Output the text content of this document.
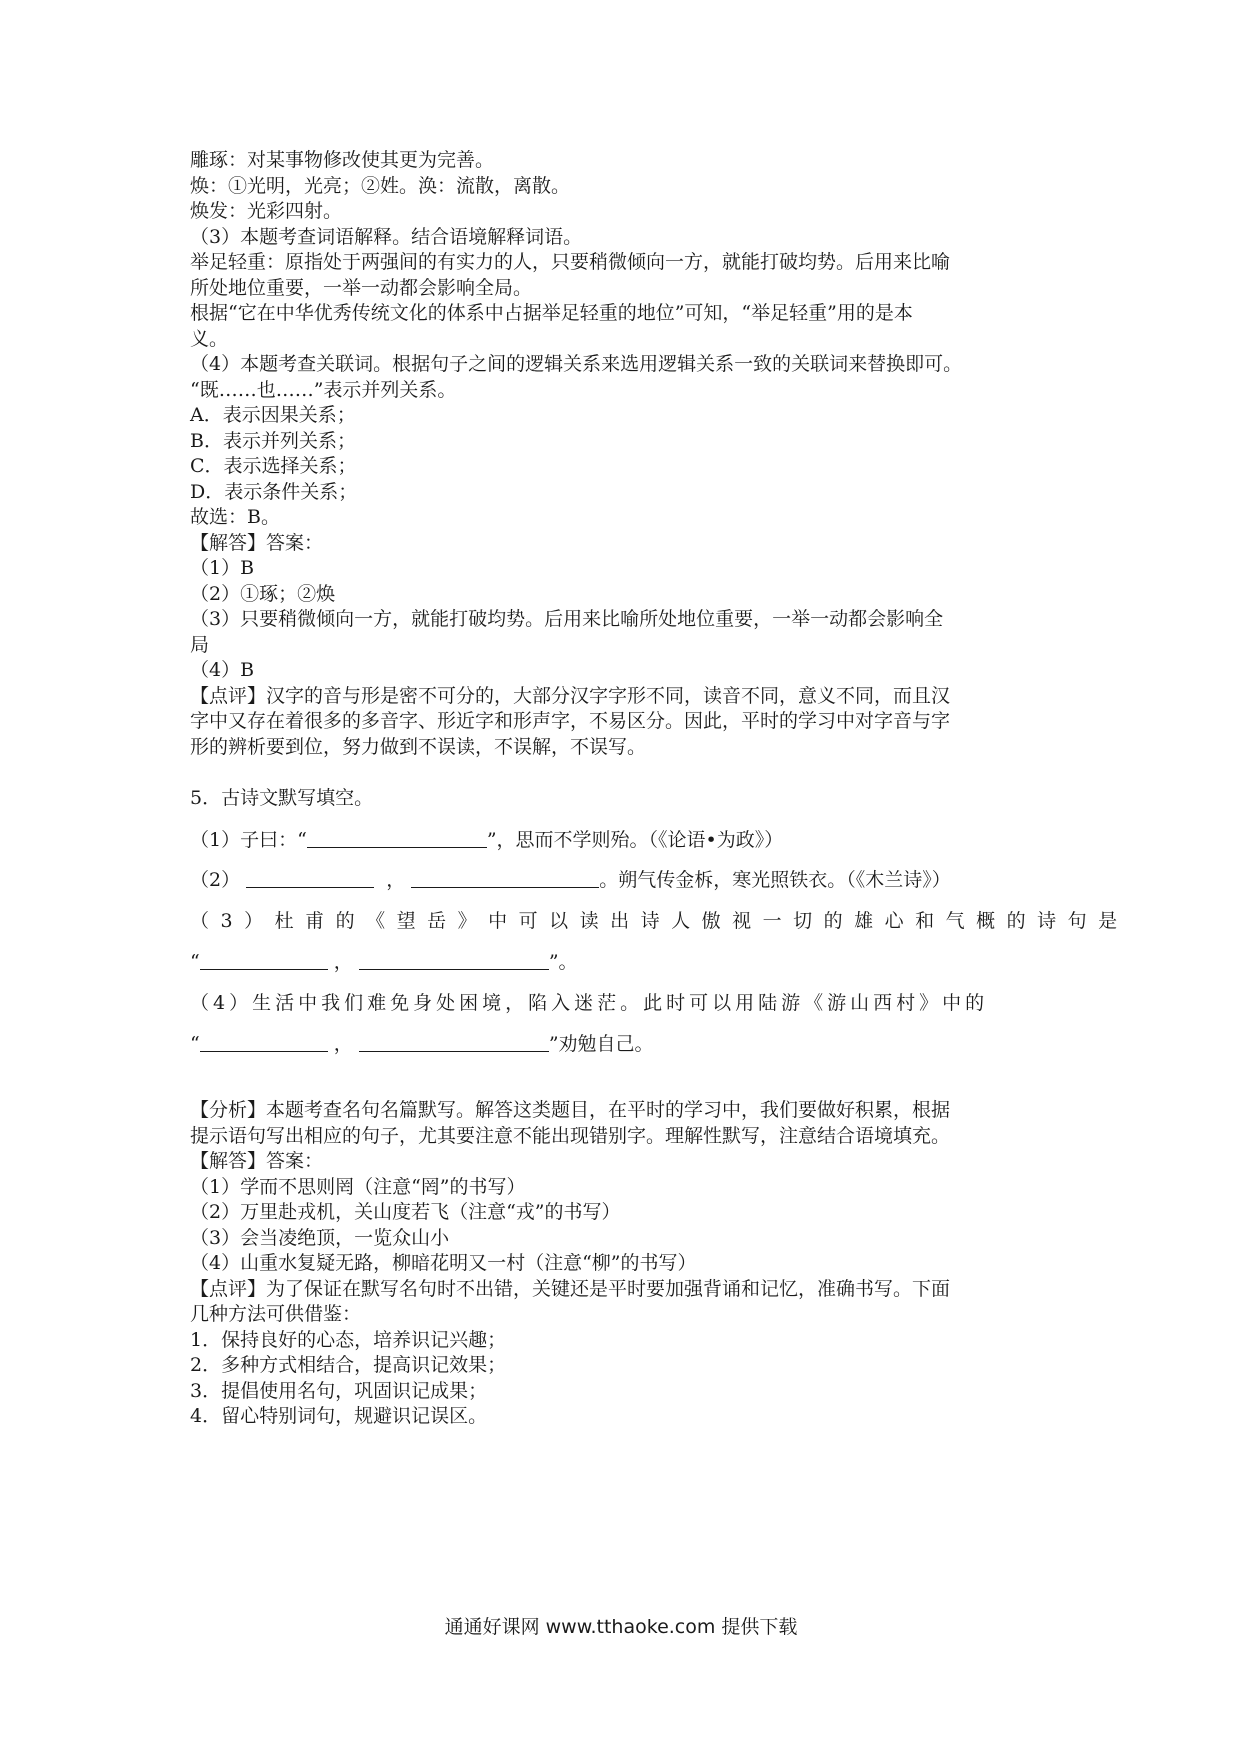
雕琢：对某事物修改使其更为完善。
焕：①光明，光亮；②姓。涣：流散，离散。
焕发：光彩四射。
（3）本题考查词语解释。结合语境解释词语。
举足轻重：原指处于两强间的有实力的人，只要稍微倾向一方，就能打破均势。后用来比喻
所处地位重要，一举一动都会影响全局。
根据“它在中华优秀传统文化的体系中占据举足轻重的地位”可知，“举足轻重”用的是本
义。
（4）本题考查关联词。根据句子之间的逻辑关系来选用逻辑关系一致的关联词来替换即可。
“既……也……”表示并列关系。
A．表示因果关系；
B．表示并列关系；
C．表示选择关系；
D．表示条件关系；
故选：B。
【解答】答案：
（1）B
（2）①琢；②焕
（3）只要稍微倾向一方，就能打破均势。后用来比喻所处地位重要，一举一动都会影响全
局
（4）B
【点评】汉字的音与形是密不可分的，大部分汉字字形不同，读音不同，意义不同，而且汉
字中又存在着很多的多音字、形近字和形声字，不易区分。因此，平时的学习中对字音与字
形的辨析要到位，努力做到不误读，不误解，不误写。
5．古诗文默写填空。
（1）子曰：“	”，思而不学则殆。（《论语•为政》）
（2）	，	。朔气传金柝，寒光照铁衣。（《木兰诗》）
（3）杜甫的《望岳》中可以读出诗人傲视一切的雄心和气概的诗句是
“	，	”。
（4）生活中我们难免身处困境，陷入迷茫。此时可以用陆游《游山西村》中的
“	，	”劝勉自己。
【分析】本题考查名句名篇默写。解答这类题目，在平时的学习中，我们要做好积累，根据
提示语句写出相应的句子，尤其要注意不能出现错别字。理解性默写，注意结合语境填充。
【解答】答案：
（1）学而不思则罔（注意“罔”的书写）
（2）万里赴戎机，关山度若飞（注意“戎”的书写）
（3）会当凌绝顶，一览众山小
（4）山重水复疑无路，柳暗花明又一村（注意“柳”的书写）
【点评】为了保证在默写名句时不出错，关键还是平时要加强背诵和记忆，准确书写。下面
几种方法可供借鉴：
1．保持良好的心态，培养识记兴趣；
2．多种方式相结合，提高识记效果；
3．提倡使用名句，巩固识记成果；
4．留心特别词句，规避识记误区。
通通好课网 www.tthaoke.com 提供下载
